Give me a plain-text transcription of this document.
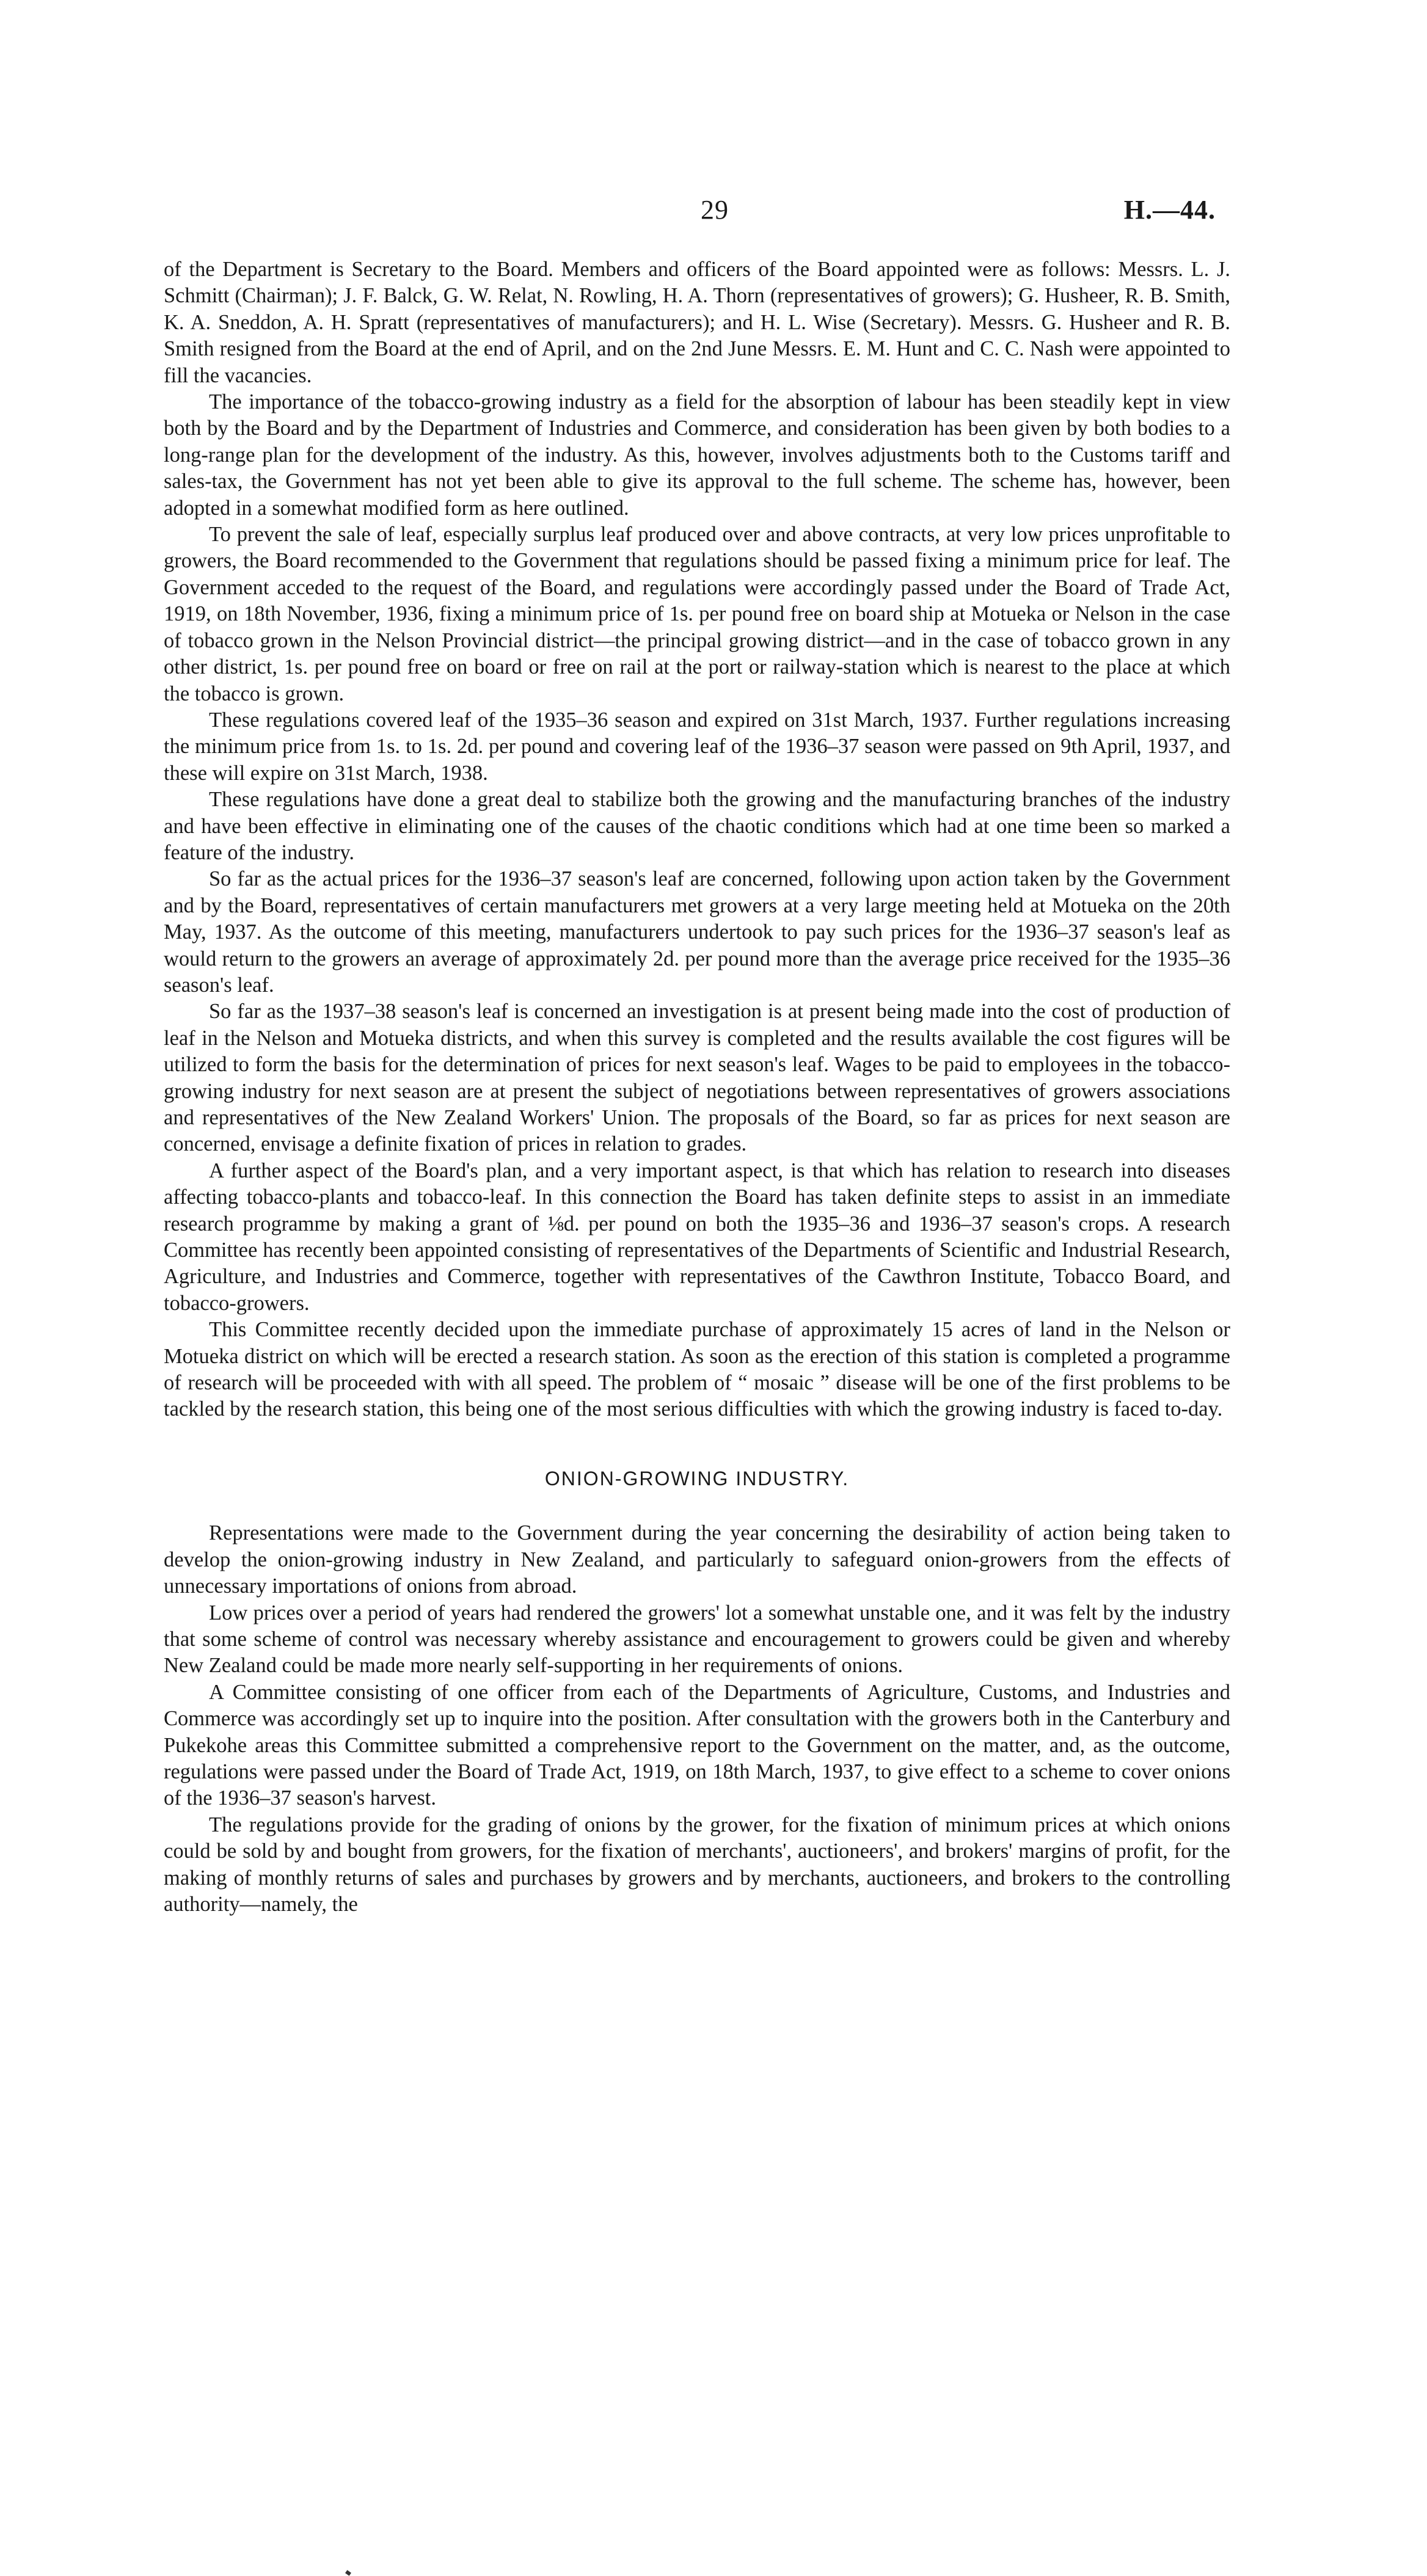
29	H.—44.

of the Department is Secretary to the Board. Members and officers of the Board appointed were as follows: Messrs. L. J. Schmitt (Chairman); J. F. Balck, G. W. Relat, N. Rowling, H. A. Thorn (representatives of growers); G. Husheer, R. B. Smith, K. A. Sneddon, A. H. Spratt (representatives of manufacturers); and H. L. Wise (Secretary). Messrs. G. Husheer and R. B. Smith resigned from the Board at the end of April, and on the 2nd June Messrs. E. M. Hunt and C. C. Nash were appointed to fill the vacancies.

The importance of the tobacco-growing industry as a field for the absorption of labour has been steadily kept in view both by the Board and by the Department of Industries and Commerce, and consideration has been given by both bodies to a long-range plan for the development of the industry. As this, however, involves adjustments both to the Customs tariff and sales-tax, the Government has not yet been able to give its approval to the full scheme. The scheme has, however, been adopted in a somewhat modified form as here outlined.

To prevent the sale of leaf, especially surplus leaf produced over and above contracts, at very low prices unprofitable to growers, the Board recommended to the Government that regulations should be passed fixing a minimum price for leaf. The Government acceded to the request of the Board, and regulations were accordingly passed under the Board of Trade Act, 1919, on 18th November, 1936, fixing a minimum price of 1s. per pound free on board ship at Motueka or Nelson in the case of tobacco grown in the Nelson Provincial district—the principal growing district—and in the case of tobacco grown in any other district, 1s. per pound free on board or free on rail at the port or railway-station which is nearest to the place at which the tobacco is grown.

These regulations covered leaf of the 1935–36 season and expired on 31st March, 1937. Further regulations increasing the minimum price from 1s. to 1s. 2d. per pound and covering leaf of the 1936–37 season were passed on 9th April, 1937, and these will expire on 31st March, 1938.

These regulations have done a great deal to stabilize both the growing and the manufacturing branches of the industry and have been effective in eliminating one of the causes of the chaotic conditions which had at one time been so marked a feature of the industry.

So far as the actual prices for the 1936–37 season's leaf are concerned, following upon action taken by the Government and by the Board, representatives of certain manufacturers met growers at a very large meeting held at Motueka on the 20th May, 1937. As the outcome of this meeting, manufacturers undertook to pay such prices for the 1936–37 season's leaf as would return to the growers an average of approximately 2d. per pound more than the average price received for the 1935–36 season's leaf.

So far as the 1937–38 season's leaf is concerned an investigation is at present being made into the cost of production of leaf in the Nelson and Motueka districts, and when this survey is completed and the results available the cost figures will be utilized to form the basis for the determination of prices for next season's leaf. Wages to be paid to employees in the tobacco-growing industry for next season are at present the subject of negotiations between representatives of growers associations and representatives of the New Zealand Workers' Union. The proposals of the Board, so far as prices for next season are concerned, envisage a definite fixation of prices in relation to grades.

A further aspect of the Board's plan, and a very important aspect, is that which has relation to research into diseases affecting tobacco-plants and tobacco-leaf. In this connection the Board has taken definite steps to assist in an immediate research programme by making a grant of ⅛d. per pound on both the 1935–36 and 1936–37 season's crops. A research Committee has recently been appointed consisting of representatives of the Departments of Scientific and Industrial Research, Agriculture, and Industries and Commerce, together with representatives of the Cawthron Institute, Tobacco Board, and tobacco-growers.

This Committee recently decided upon the immediate purchase of approximately 15 acres of land in the Nelson or Motueka district on which will be erected a research station. As soon as the erection of this station is completed a programme of research will be proceeded with with all speed. The problem of “ mosaic ” disease will be one of the first problems to be tackled by the research station, this being one of the most serious difficulties with which the growing industry is faced to-day.

ONION-GROWING INDUSTRY.

Representations were made to the Government during the year concerning the desirability of action being taken to develop the onion-growing industry in New Zealand, and particularly to safeguard onion-growers from the effects of unnecessary importations of onions from abroad.

Low prices over a period of years had rendered the growers' lot a somewhat unstable one, and it was felt by the industry that some scheme of control was necessary whereby assistance and encouragement to growers could be given and whereby New Zealand could be made more nearly self-supporting in her requirements of onions.

A Committee consisting of one officer from each of the Departments of Agriculture, Customs, and Industries and Commerce was accordingly set up to inquire into the position. After consultation with the growers both in the Canterbury and Pukekohe areas this Committee submitted a comprehensive report to the Government on the matter, and, as the outcome, regulations were passed under the Board of Trade Act, 1919, on 18th March, 1937, to give effect to a scheme to cover onions of the 1936–37 season's harvest.

The regulations provide for the grading of onions by the grower, for the fixation of minimum prices at which onions could be sold by and bought from growers, for the fixation of merchants', auctioneers', and brokers' margins of profit, for the making of monthly returns of sales and purchases by growers and by merchants, auctioneers, and brokers to the controlling authority—namely, the
